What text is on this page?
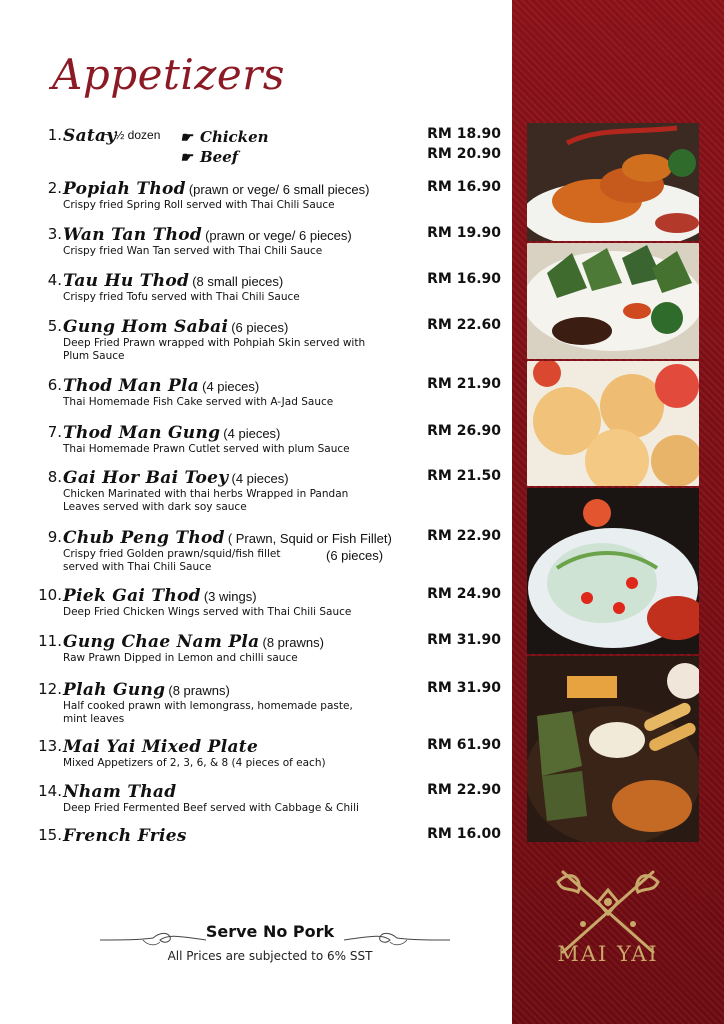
Appetizers
1. Satay
~ ½ dozen ☛ Chicken
☛ Beef
RM 18.90
RM 20.90
2. Popiah Thod (prawn or vege/ 6 small pieces)
Crispy fried Spring Roll served with Thai Chili Sauce
RM 16.90
3. Wan Tan Thod (prawn or vege/ 6 pieces)
Crispy fried Wan Tan served with Thai Chili Sauce
RM 19.90
4. Tau Hu Thod (8 small pieces)
Crispy fried Tofu served with Thai Chili Sauce
RM 16.90
5. Gung Hom Sabai (6 pieces)
Deep Fried Prawn wrapped with Pohpiah Skin served with Plum Sauce
RM 22.60
6. Thod Man Pla (4 pieces)
Thai Homemade Fish Cake served with A-Jad Sauce
RM 21.90
7. Thod Man Gung (4 pieces)
Thai Homemade Prawn Cutlet served with plum Sauce
RM 26.90
8. Gai Hor Bai Toey (4 pieces)
Chicken Marinated with thai herbs Wrapped in Pandan Leaves served with dark soy sauce
RM 21.50
9. Chub Peng Thod ( Prawn, Squid or Fish Fillet)
Crispy fried Golden prawn/squid/fish fillet served with Thai Chili Sauce
(6 pieces)
RM 22.90
10. Piek Gai Thod (3 wings)
Deep Fried Chicken Wings served with Thai Chili Sauce
RM 24.90
11. Gung Chae Nam Pla (8 prawns)
Raw Prawn Dipped in Lemon and chilli sauce
RM 31.90
12. Plah Gung (8 prawns)
Half cooked prawn with lemongrass, homemade paste, mint leaves
RM 31.90
13. Mai Yai Mixed Plate
Mixed Appetizers of 2, 3, 6, & 8 (4 pieces of each)
RM 61.90
14. Nham Thad
Deep Fried Fermented Beef served with Cabbage & Chili
RM 22.90
15. French Fries	RM 16.00
Serve No Pork
All Prices are subjected to 6% SST	MAI YAI
